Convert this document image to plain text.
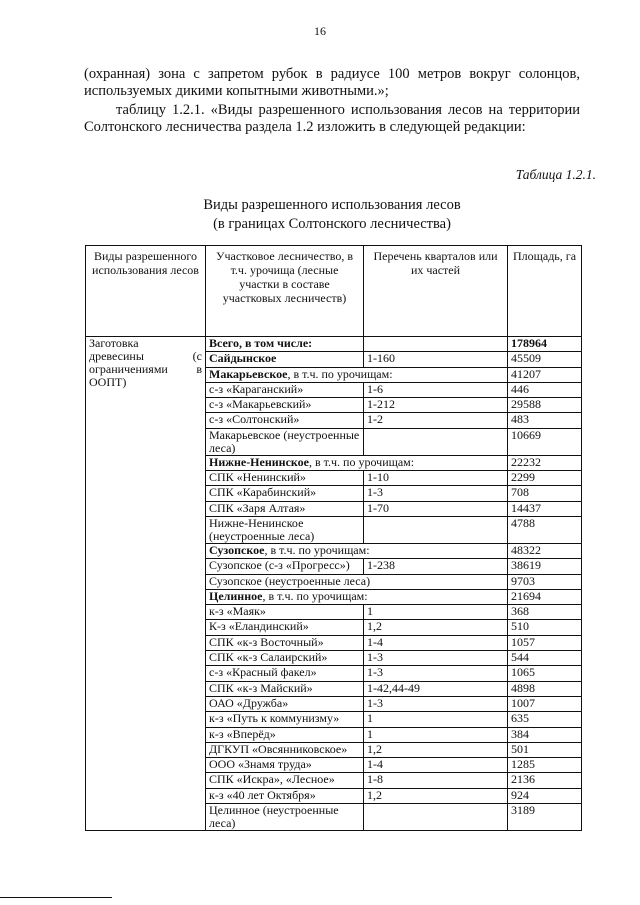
16
(охранная) зона с запретом рубок в радиусе 100 метров вокруг солонцов, используемых дикими копытными животными.»;
таблицу 1.2.1. «Виды разрешенного использования лесов на территории Солтонского лесничества раздела 1.2 изложить в следующей редакции:
Таблица 1.2.1.
Виды разрешенного использования лесов
(в границах Солтонского лесничества)
Виды разрешенного использования лесов	Участковое лесничество, в т.ч. урочища (лесные участки в составе участковых лесничеств)	Перечень кварталов или их частей	Площадь, га

Заготовка
древесины (с
ограничениями в
ООПТ)	Всего, в том числе:		178964
	Сайдынское	1-160	45509
	Макарьевское, в т.ч. по урочищам:		41207
	с-з «Караганский»	1-6	446
	с-з «Макарьевский»	1-212	29588
	с-з «Солтонский»	1-2	483
	Макарьевское (неустроенные леса)		10669
	Нижне-Ненинское, в т.ч. по урочищам:		22232
	СПК «Ненинский»	1-10	2299
	СПК «Карабинский»	1-3	708
	СПК «Заря Алтая»	1-70	14437
	Нижне-Ненинское (неустроенные леса)		4788
	Сузопское, в т.ч. по урочищам:		48322
	Сузопское (с-з «Прогресс»)	1-238	38619
	Сузопское (неустроенные леса)		9703
	Целинное, в т.ч. по урочищам:		21694
	к-з «Маяк»	1	368
	К-з «Еландинский»	1,2	510
	СПК «к-з Восточный»	1-4	1057
	СПК «к-з Салаирский»	1-3	544
	с-з «Красный факел»	1-3	1065
	СПК «к-з Майский»	1-42,44-49	4898
	ОАО «Дружба»	1-3	1007
	к-з «Путь к коммунизму»	1	635
	к-з «Вперёд»	1	384
	ДГКУП «Овсянниковское»	1,2	501
	ООО «Знамя труда»	1-4	1285
	СПК «Искра», «Лесное»	1-8	2136
	к-з «40 лет Октября»	1,2	924
	Целинное (неустроенные леса)		3189
